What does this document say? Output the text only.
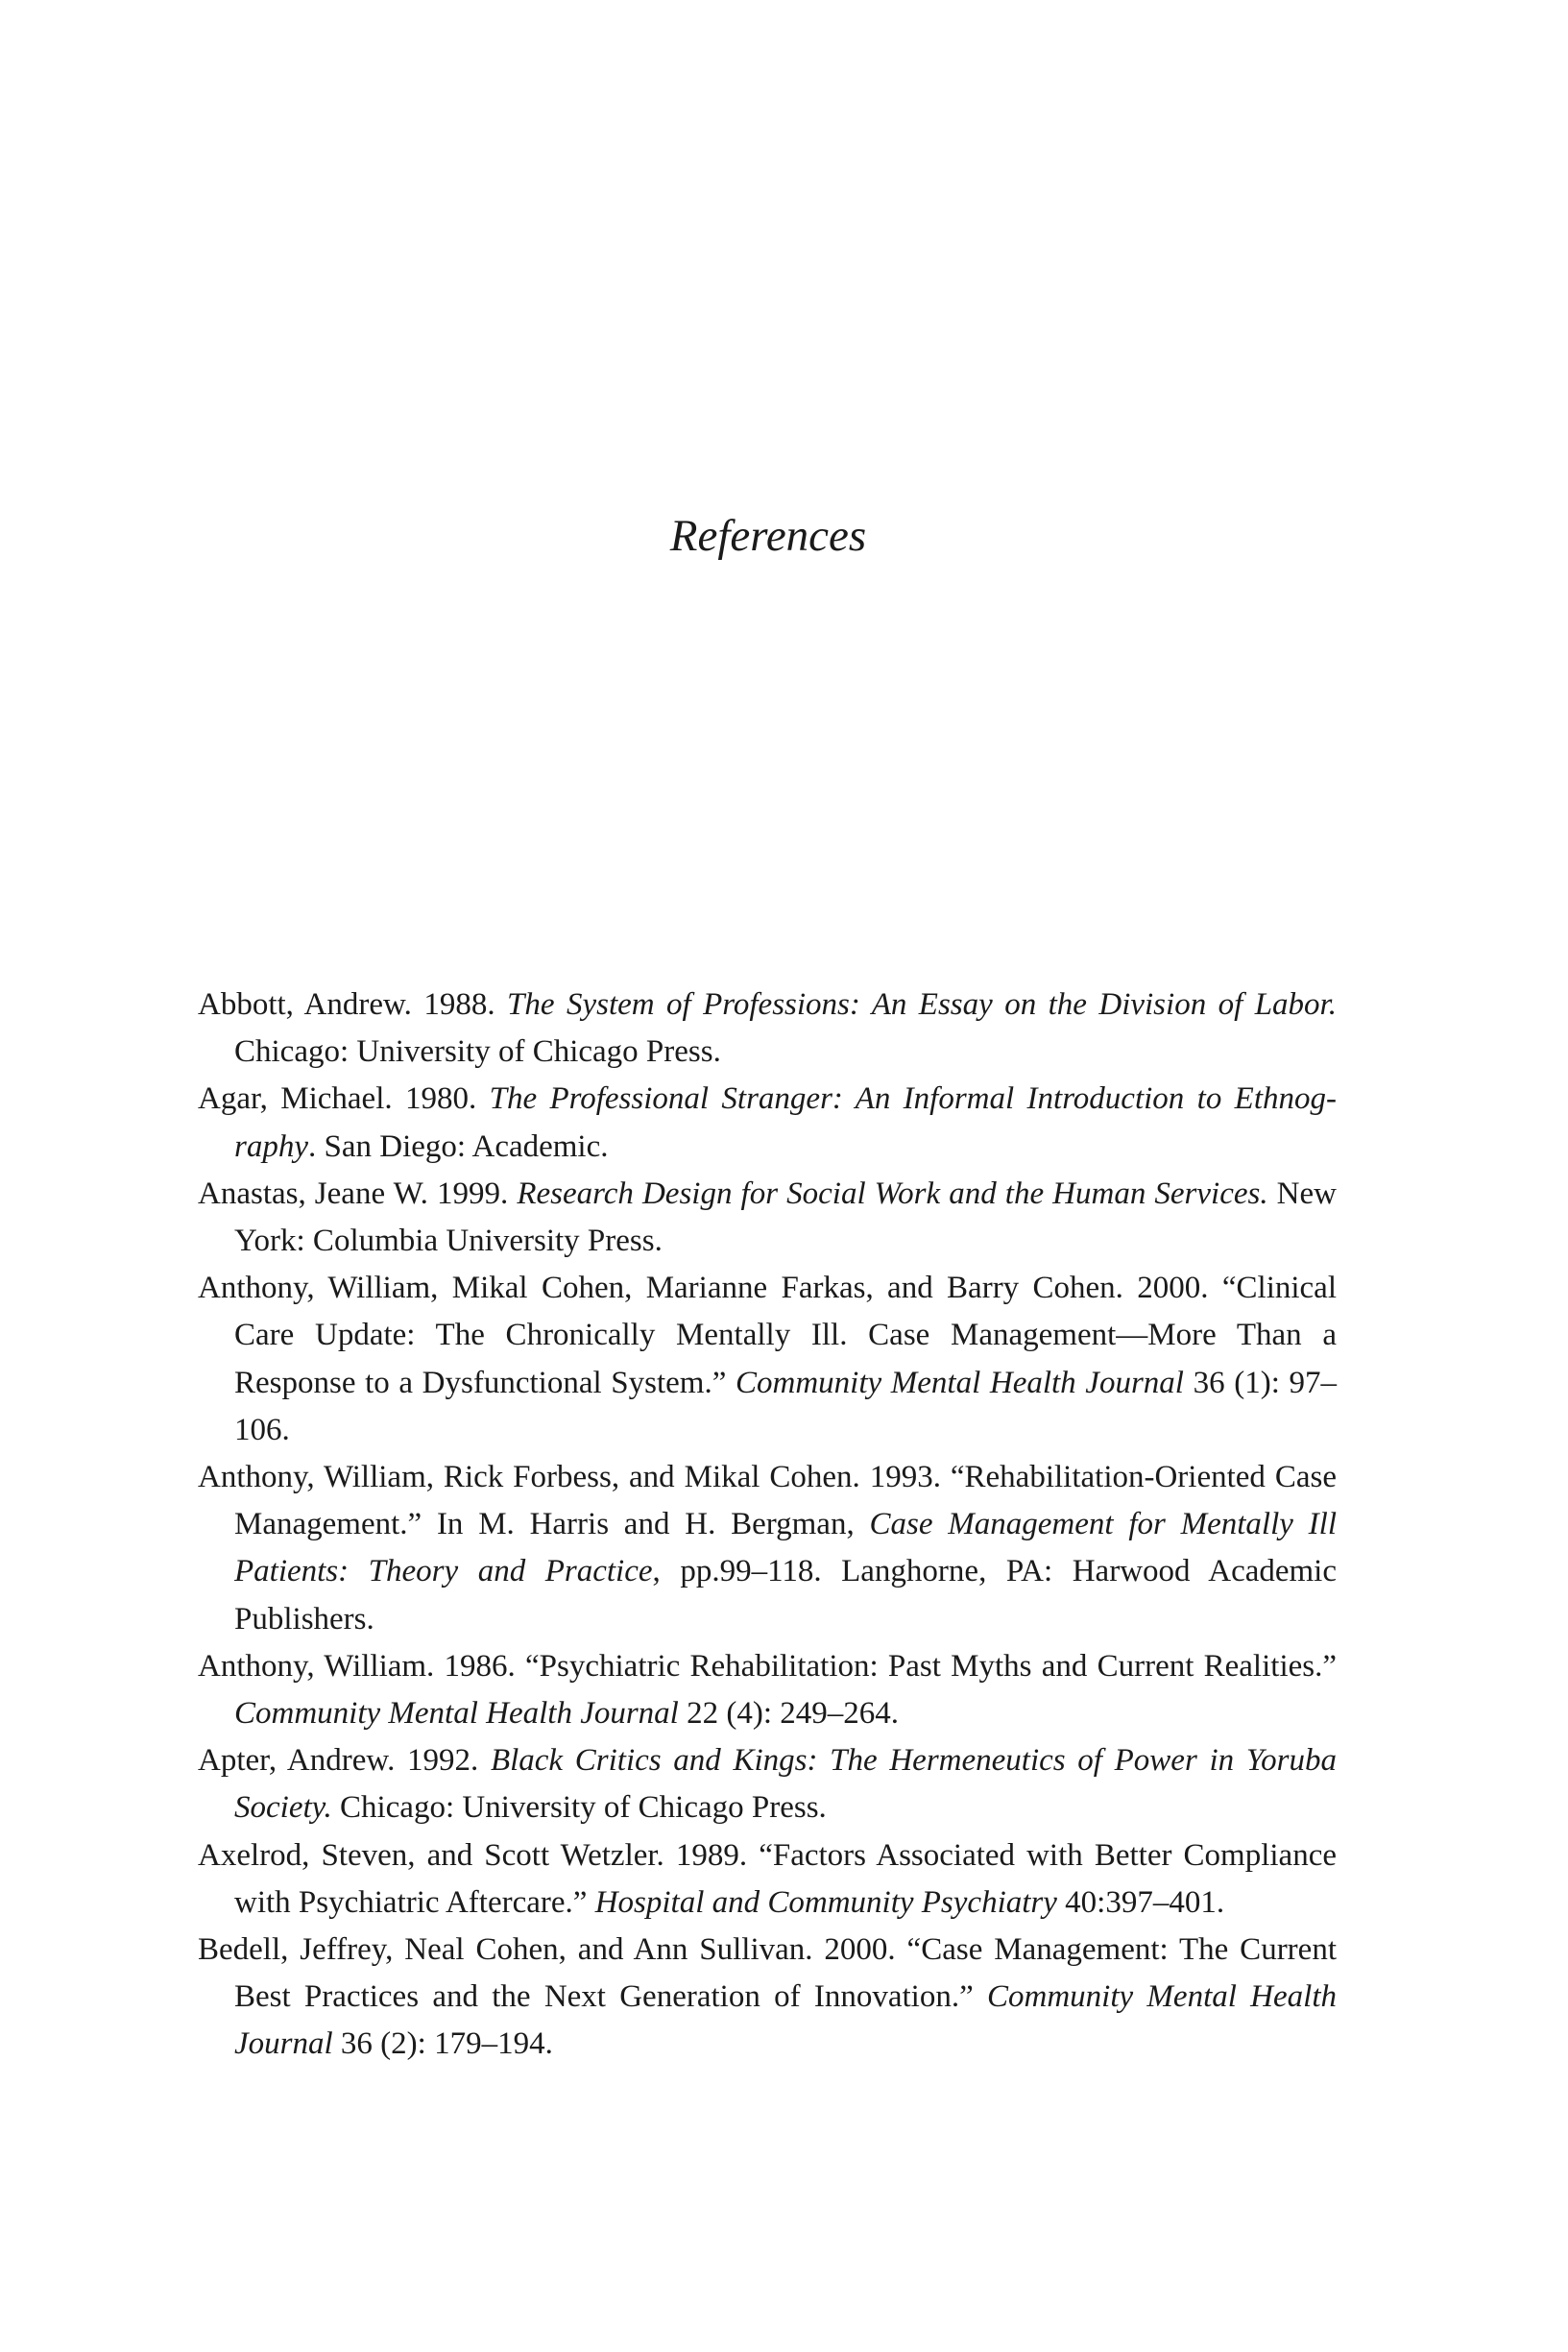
References
Abbott, Andrew. 1988. The System of Professions: An Essay on the Division of Labor. Chicago: University of Chicago Press.
Agar, Michael. 1980. The Professional Stranger: An Informal Introduction to Ethnography. San Diego: Academic.
Anastas, Jeane W. 1999. Research Design for Social Work and the Human Services. New York: Columbia University Press.
Anthony, William, Mikal Cohen, Marianne Farkas, and Barry Cohen. 2000. “Clinical Care Update: The Chronically Mentally Ill. Case Management—More Than a Response to a Dysfunctional System.” Community Mental Health Journal 36 (1): 97–106.
Anthony, William, Rick Forbess, and Mikal Cohen. 1993. “Rehabilitation-Oriented Case Management.” In M. Harris and H. Bergman, Case Management for Mentally Ill Patients: Theory and Practice, pp.99–118. Langhorne, PA: Harwood Academic Publishers.
Anthony, William. 1986. “Psychiatric Rehabilitation: Past Myths and Current Realities.” Community Mental Health Journal 22 (4): 249–264.
Apter, Andrew. 1992. Black Critics and Kings: The Hermeneutics of Power in Yoruba Society. Chicago: University of Chicago Press.
Axelrod, Steven, and Scott Wetzler. 1989. “Factors Associated with Better Compliance with Psychiatric Aftercare.” Hospital and Community Psychiatry 40:397–401.
Bedell, Jeffrey, Neal Cohen, and Ann Sullivan. 2000. “Case Management: The Current Best Practices and the Next Generation of Innovation.” Community Mental Health Journal 36 (2): 179–194.
